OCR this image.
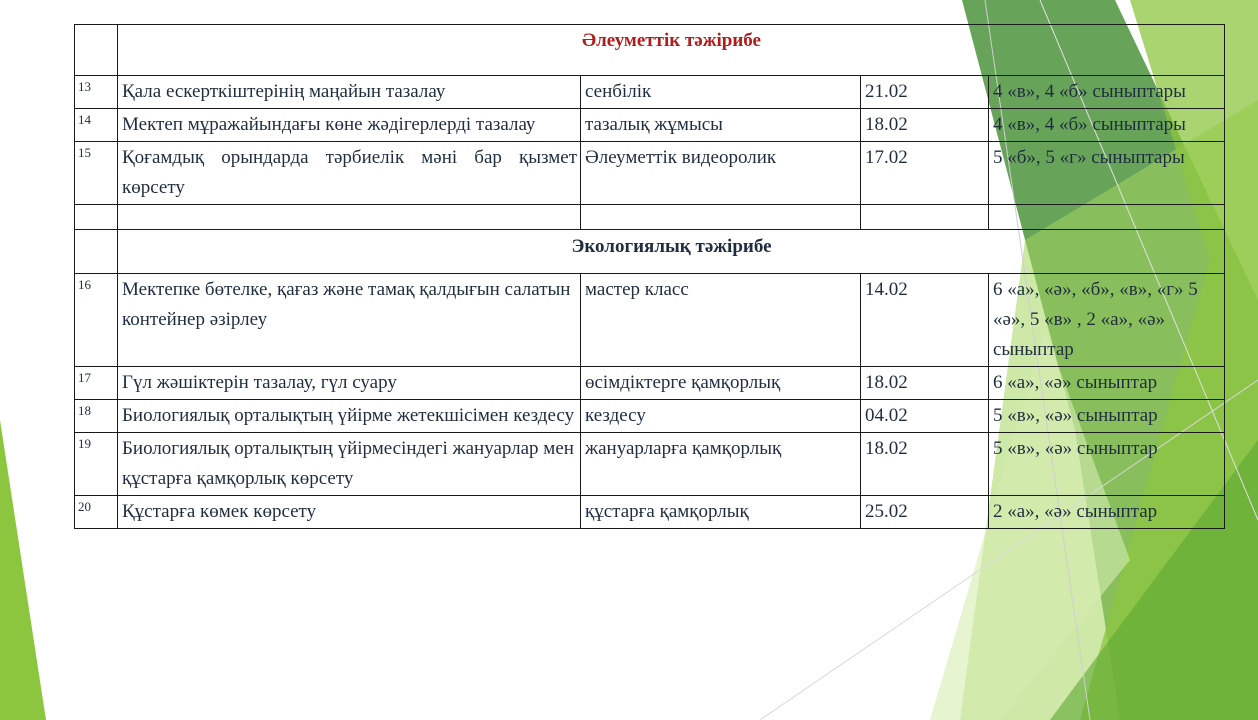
	Әлеуметтік тәжірибе			
13	Қала ескерткіштерінің маңайын тазалау	сенбілік	21.02	4 «в», 4 «б» сыныптары
14	Мектеп мұражайындағы көне жәдігерлерді тазалау	тазалық жұмысы	18.02	4 «в», 4 «б» сыныптары
15	Қоғамдық орындарда тәрбиелік мәні бар қызмет көрсету	Әлеуметтік видеоролик	17.02	5 «б», 5 «г» сыныптары

	Экологиялық тәжірибе			
16	Мектепке бөтелке, қағаз және тамақ қалдығын салатын контейнер әзірлеу	мастер класс	14.02	6 «а», «ә», «б», «в», «г» 5 «ә», 5 «в» , 2 «а», «ә» сыныптар
17	Гүл жәшіктерін тазалау, гүл суару	өсімдіктерге қамқорлық	18.02	6 «а», «ә» сыныптар
18	Биологиялық орталықтың үйірме жетекшісімен кездесу	кездесу	04.02	5 «в», «ә» сыныптар
19	Биологиялық орталықтың үйірмесіндегі жануарлар мен құстарға қамқорлық көрсету	жануарларға қамқорлық	18.02	5 «в», «ә» сыныптар
20	Құстарға көмек көрсету	құстарға қамқорлық	25.02	2 «а», «ә» сыныптар
